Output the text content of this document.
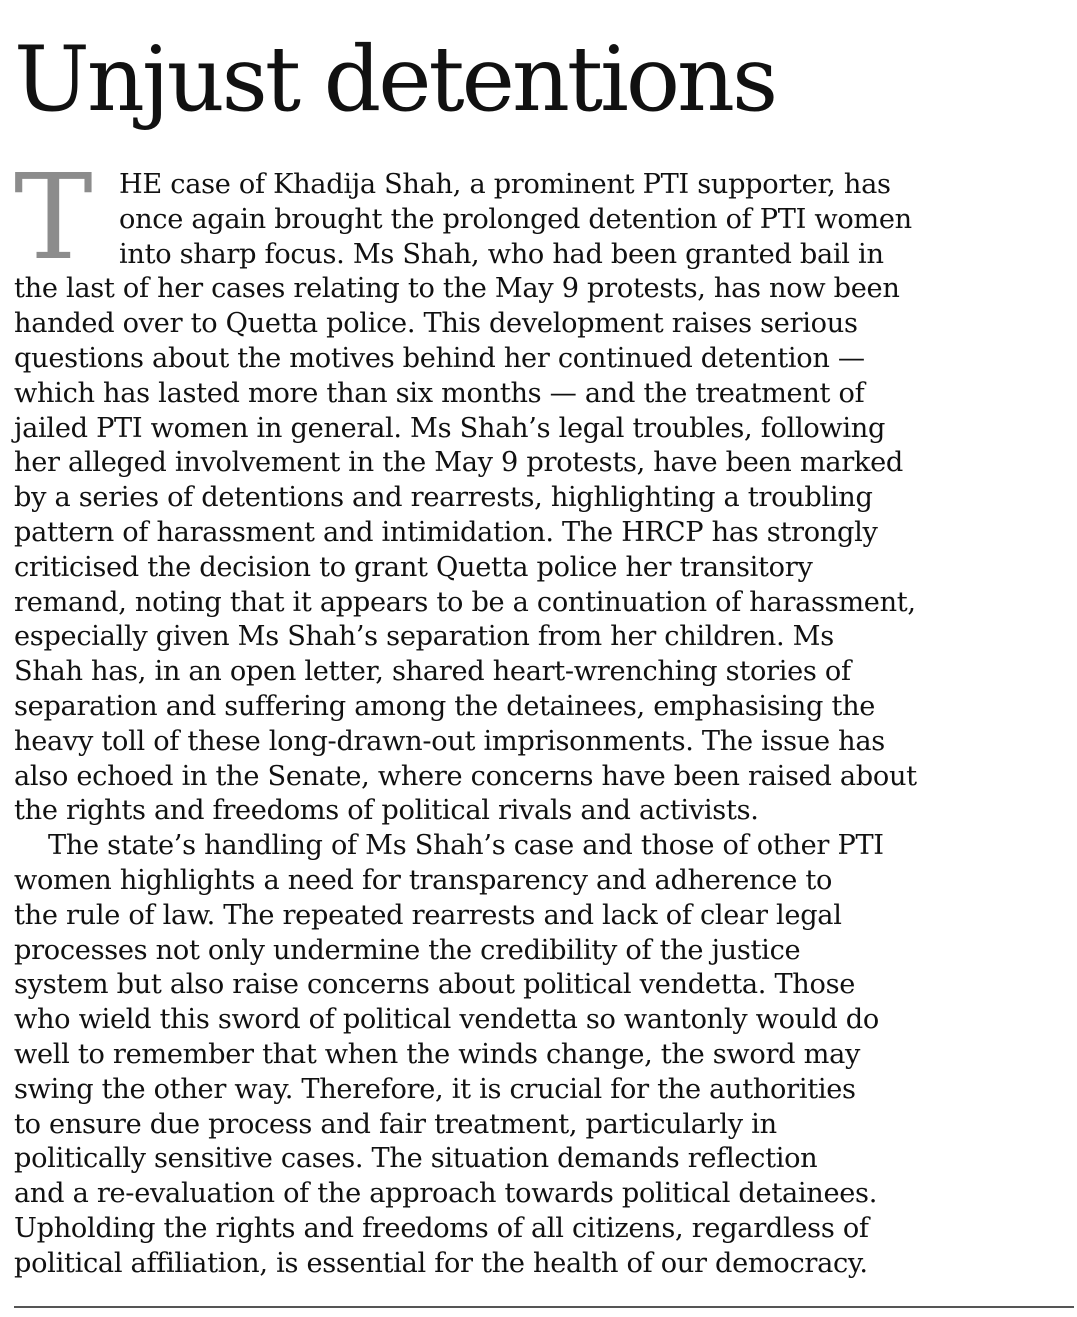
Unjust detentions
T HE case of Khadija Shah, a prominent PTI supporter, has
once again brought the prolonged detention of PTI women
into sharp focus. Ms Shah, who had been granted bail in
the last of her cases relating to the May 9 protests, has now been
handed over to Quetta police. This development raises serious
questions about the motives behind her continued detention —
which has lasted more than six months — and the treatment of
jailed PTI women in general. Ms Shah’s legal troubles, following
her alleged involvement in the May 9 protests, have been marked
by a series of detentions and rearrests, highlighting a troubling
pattern of harassment and intimidation. The HRCP has strongly
criticised the decision to grant Quetta police her transitory
remand, noting that it appears to be a continuation of harassment,
especially given Ms Shah’s separation from her children. Ms
Shah has, in an open letter, shared heart-wrenching stories of
separation and suffering among the detainees, emphasising the
heavy toll of these long-drawn-out imprisonments. The issue has
also echoed in the Senate, where concerns have been raised about
the rights and freedoms of political rivals and activists.
The state’s handling of Ms Shah’s case and those of other PTI
women highlights a need for transparency and adherence to
the rule of law. The repeated rearrests and lack of clear legal
processes not only undermine the credibility of the justice
system but also raise concerns about political vendetta. Those
who wield this sword of political vendetta so wantonly would do
well to remember that when the winds change, the sword may
swing the other way. Therefore, it is crucial for the authorities
to ensure due process and fair treatment, particularly in
politically sensitive cases. The situation demands reflection
and a re-evaluation of the approach towards political detainees.
Upholding the rights and freedoms of all citizens, regardless of
political affiliation, is essential for the health of our democracy.
